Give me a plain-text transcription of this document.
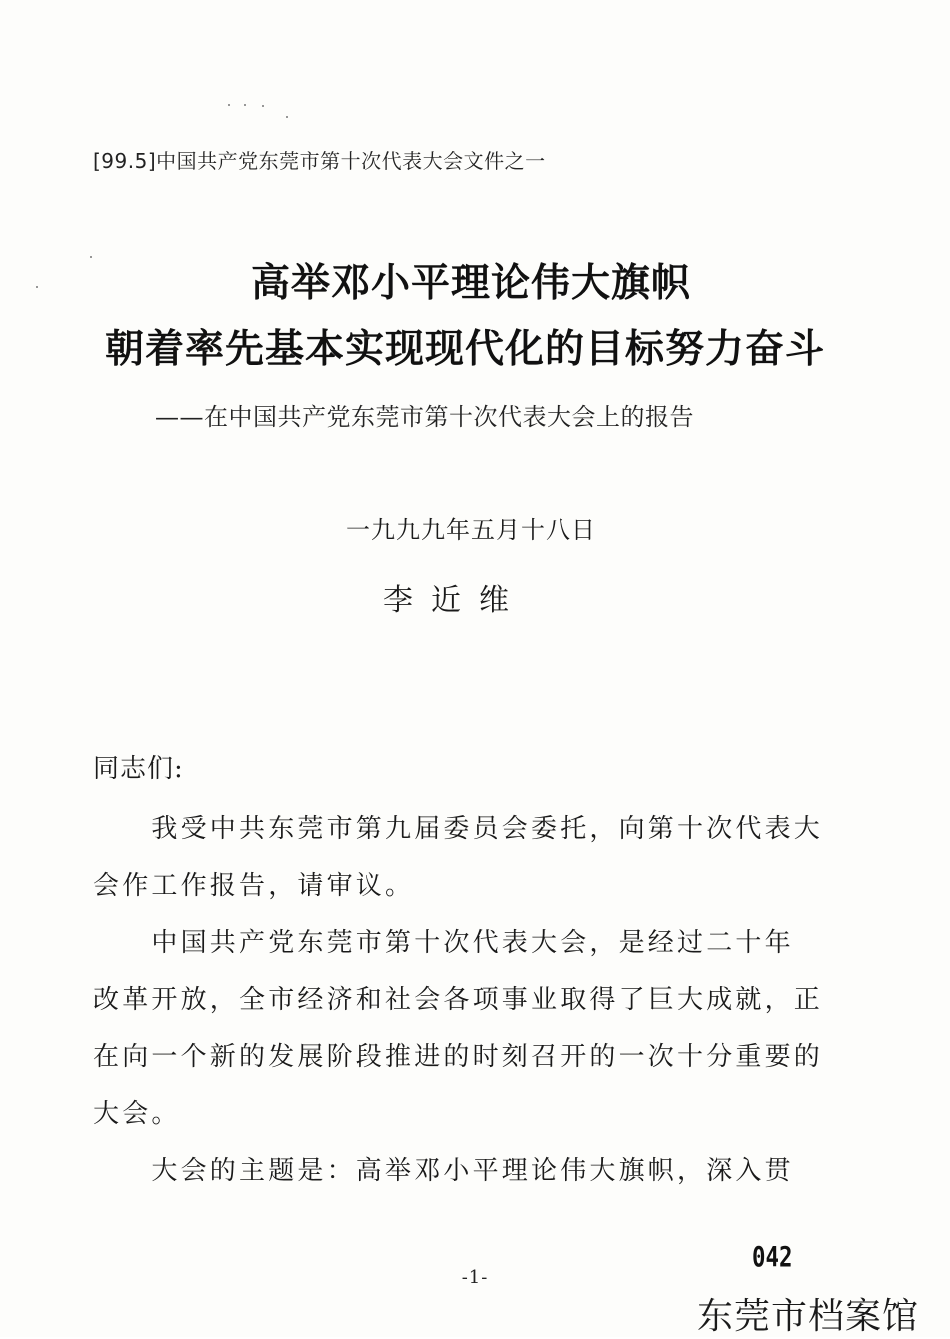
[99.5]中国共产党东莞市第十次代表大会文件之一
高举邓小平理论伟大旗帜
朝着率先基本实现现代化的目标努力奋斗
——在中国共产党东莞市第十次代表大会上的报告
一九九九年五月十八日
李近维
同志们:
　　我受中共东莞市第九届委员会委托，向第十次代表大
会作工作报告，请审议。
　　中国共产党东莞市第十次代表大会，是经过二十年
改革开放，全市经济和社会各项事业取得了巨大成就，正
在向一个新的发展阶段推进的时刻召开的一次十分重要的
大会。
　　大会的主题是：高举邓小平理论伟大旗帜，深入贯
042
-1-
东莞市档案馆
